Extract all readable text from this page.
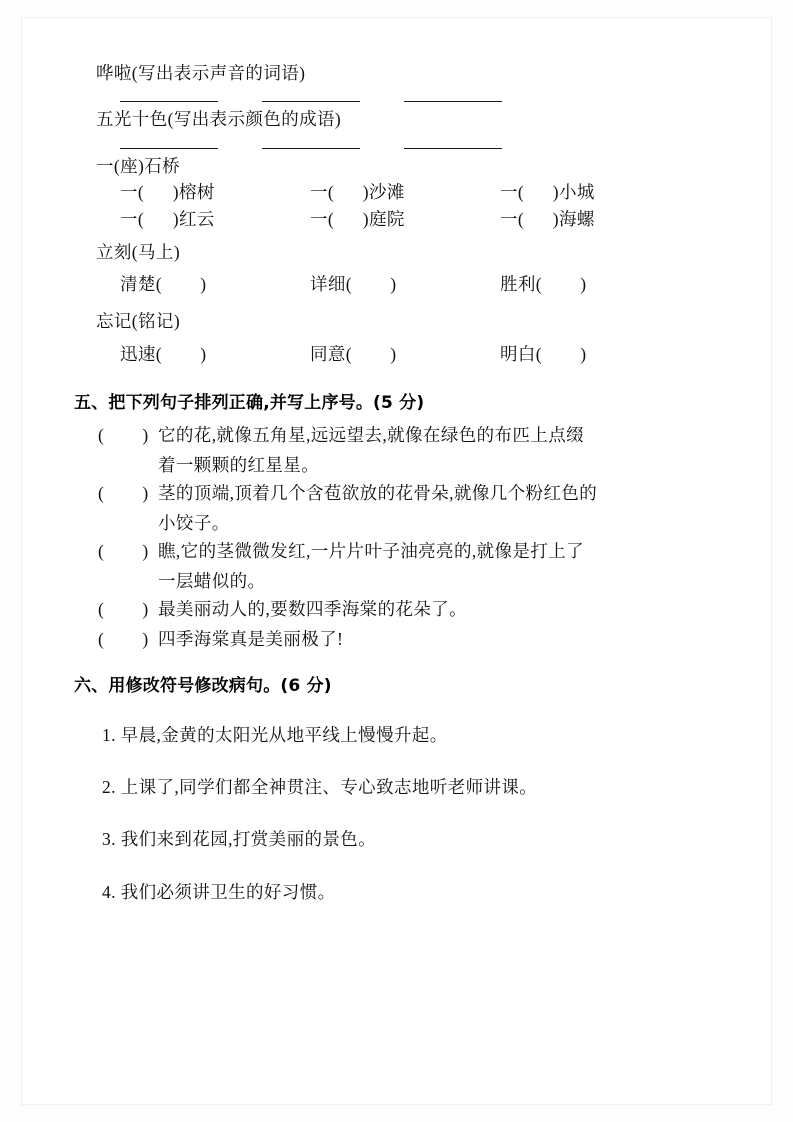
哗啦(写出表示声音的词语)
五光十色(写出表示颜色的成语)
一(座)石桥
一(      )榕树	一(      )沙滩	一(      )小城
一(      )红云	一(      )庭院	一(      )海螺
立刻(马上)
清楚(        )	详细(        )	胜利(        )
忘记(铭记)
迅速(        )	同意(        )	明白(        )
五、把下列句子排列正确,并写上序号。(5 分)
(        ) 它的花,就像五角星,远远望去,就像在绿色的布匹上点缀
着一颗颗的红星星。
(        ) 茎的顶端,顶着几个含苞欲放的花骨朵,就像几个粉红色的
小饺子。
(        ) 瞧,它的茎微微发红,一片片叶子油亮亮的,就像是打上了
一层蜡似的。
(        ) 最美丽动人的,要数四季海棠的花朵了。
(        ) 四季海棠真是美丽极了!
六、用修改符号修改病句。(6 分)
1. 早晨,金黄的太阳光从地平线上慢慢升起。
2. 上课了,同学们都全神贯注、专心致志地听老师讲课。
3. 我们来到花园,打赏美丽的景色。
4. 我们必须讲卫生的好习惯。
